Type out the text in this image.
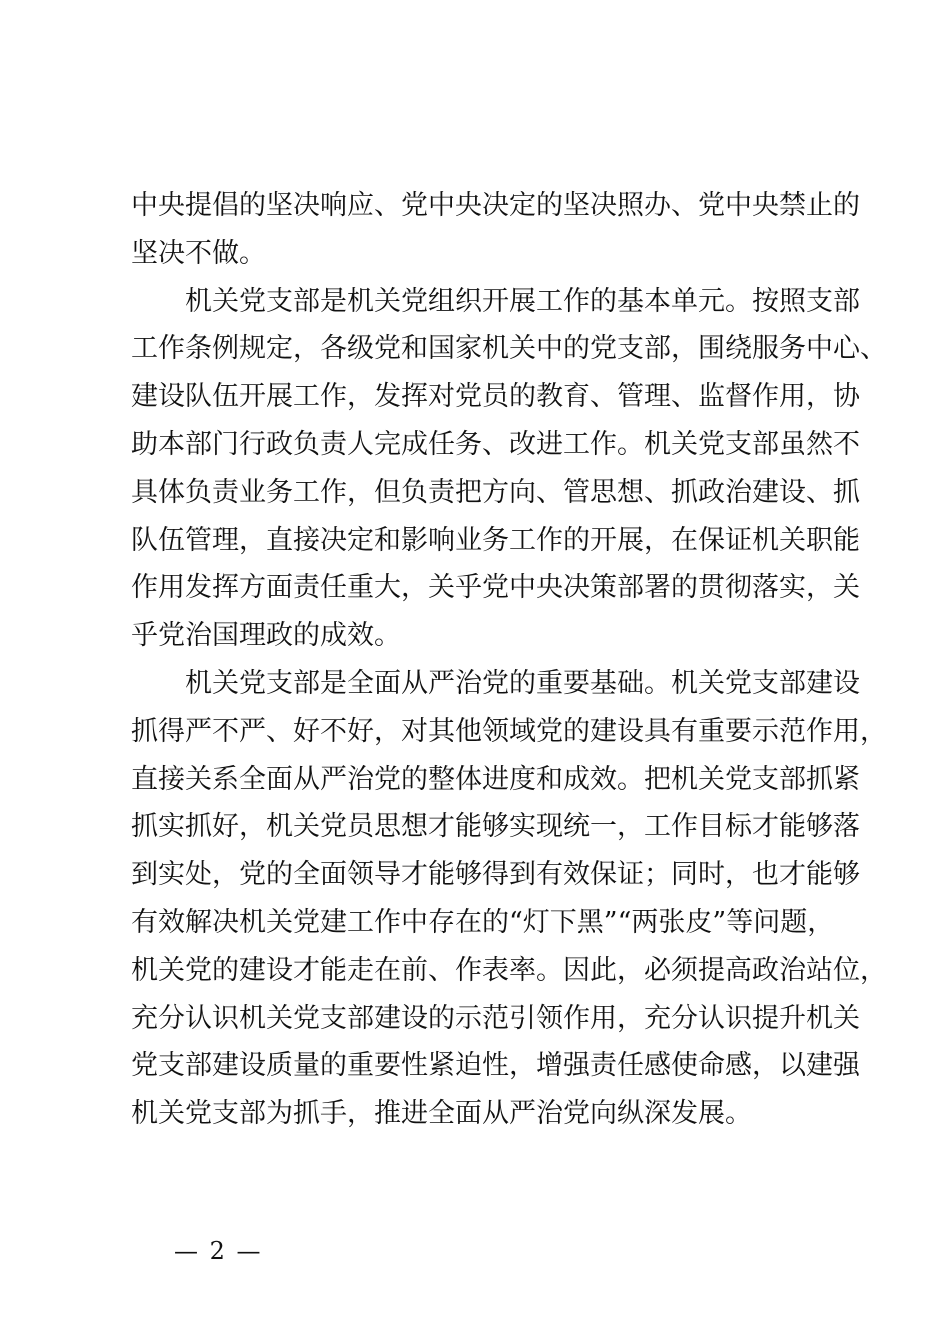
中央提倡的坚决响应、党中央决定的坚决照办、党中央禁止的
坚决不做。
机关党支部是机关党组织开展工作的基本单元。按照支部
工作条例规定，各级党和国家机关中的党支部，围绕服务中心、
建设队伍开展工作，发挥对党员的教育、管理、监督作用，协
助本部门行政负责人完成任务、改进工作。机关党支部虽然不
具体负责业务工作，但负责把方向、管思想、抓政治建设、抓
队伍管理，直接决定和影响业务工作的开展，在保证机关职能
作用发挥方面责任重大，关乎党中央决策部署的贯彻落实，关
乎党治国理政的成效。
机关党支部是全面从严治党的重要基础。机关党支部建设
抓得严不严、好不好，对其他领域党的建设具有重要示范作用，
直接关系全面从严治党的整体进度和成效。把机关党支部抓紧
抓实抓好，机关党员思想才能够实现统一，工作目标才能够落
到实处，党的全面领导才能够得到有效保证；同时，也才能够
有效解决机关党建工作中存在的“灯下黑”“两张皮”等问题，
机关党的建设才能走在前、作表率。因此，必须提高政治站位，
充分认识机关党支部建设的示范引领作用，充分认识提升机关
党支部建设质量的重要性紧迫性，增强责任感使命感，以建强
机关党支部为抓手，推进全面从严治党向纵深发展。
— 2 —
